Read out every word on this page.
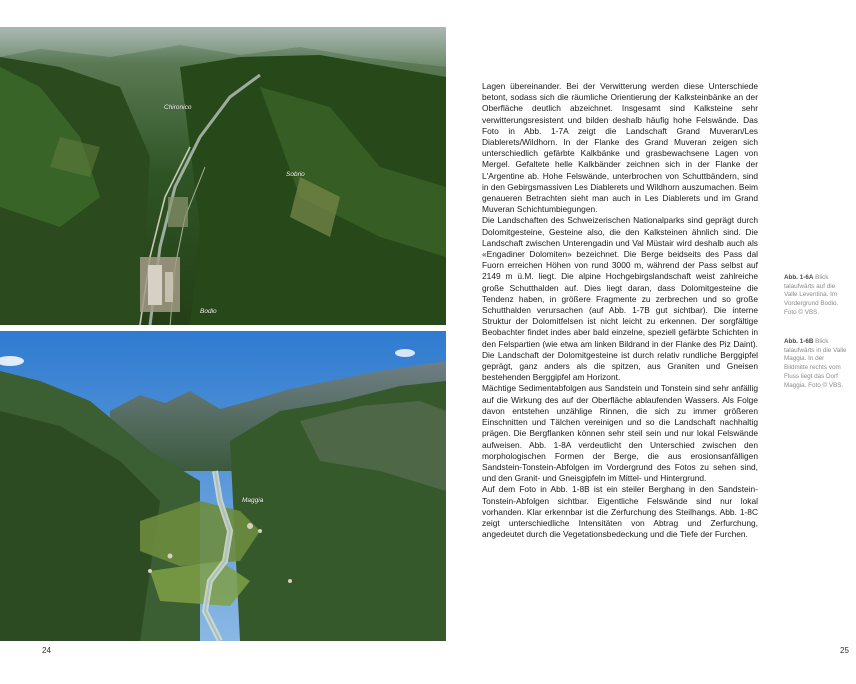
Chironico
Sobrio
Bodio
Maggia
24

Lagen übereinander. Bei der Verwitterung werden diese Unterschiede betont, sodass sich die räumliche Orientierung der Kalksteinbänke an der Oberfläche deutlich abzeichnet. Insgesamt sind Kalksteine sehr verwitterungsresistent und bilden deshalb häufig hohe Felswände. Das Foto in Abb. 1-7A zeigt die Landschaft Grand Muveran/Les Diablerets/Wildhorn. In der Flanke des Grand Muveran zeigen sich unterschiedlich gefärbte Kalkbänke und grasbewachsene Lagen von Mergel. Gefaltete helle Kalkbänder zeichnen sich in der Flanke der L'Argentine ab. Hohe Felswände, unterbrochen von Schuttbändern, sind in den Gebirgsmassiven Les Diablerets und Wildhorn auszumachen. Beim genaueren Betrachten sieht man auch in Les Diablerets und im Grand Muveran Schichtumbiegungen.

Die Landschaften des Schweizerischen Nationalparks sind geprägt durch Dolomitgesteine, Gesteine also, die den Kalksteinen ähnlich sind. Die Landschaft zwischen Unterengadin und Val Müstair wird deshalb auch als «Engadiner Dolomiten» bezeichnet. Die Berge beidseits des Pass dal Fuorn erreichen Höhen von rund 3000 m, während der Pass selbst auf 2149 m ü.M. liegt. Die alpine Hochgebirgslandschaft weist zahlreiche große Schutthalden auf. Dies liegt daran, dass Dolomitgesteine die Tendenz haben, in größere Fragmente zu zerbrechen und so große Schutthalden verursachen (auf Abb. 1-7B gut sichtbar). Die interne Struktur der Dolomitfelsen ist nicht leicht zu erkennen. Der sorgfältige Beobachter findet indes aber bald einzelne, speziell gefärbte Schichten in den Felspartien (wie etwa am linken Bildrand in der Flanke des Piz Daint). Die Landschaft der Dolomitgesteine ist durch relativ rundliche Berggipfel geprägt, ganz anders als die spitzen, aus Graniten und Gneisen bestehenden Berggipfel am Horizont.

Mächtige Sedimentabfolgen aus Sandstein und Tonstein sind sehr anfällig auf die Wirkung des auf der Oberfläche ablaufenden Wassers. Als Folge davon entstehen unzählige Rinnen, die sich zu immer größeren Einschnitten und Tälchen vereinigen und so die Landschaft nachhaltig prägen. Die Bergflanken können sehr steil sein und nur lokal Felswände aufweisen. Abb. 1-8A verdeutlicht den Unterschied zwischen den morphologischen Formen der Berge, die aus erosionsanfälligen Sandstein-Tonstein-Abfolgen im Vordergrund des Fotos zu sehen sind, und den Granit- und Gneisgipfeln im Mittel- und Hintergrund.

Auf dem Foto in Abb. 1-8B ist ein steiler Berghang in den Sandstein-Tonstein-Abfolgen sichtbar. Eigentliche Felswände sind nur lokal vorhanden. Klar erkennbar ist die Zerfurchung des Steilhangs. Abb. 1-8C zeigt unterschiedliche Intensitäten von Abtrag und Zerfurchung, angedeutet durch die Vegetationsbedeckung und die Tiefe der Furchen.

Abb. 1-6A Blick talaufwärts auf die Valle Leventina. Im Vordergrund Bodio. Foto © VBS.
Abb. 1-6B Blick talaufwärts in die Valle Maggia. In der Bildmitte rechts vom Fluss liegt das Dorf Maggia. Foto © VBS.
25
